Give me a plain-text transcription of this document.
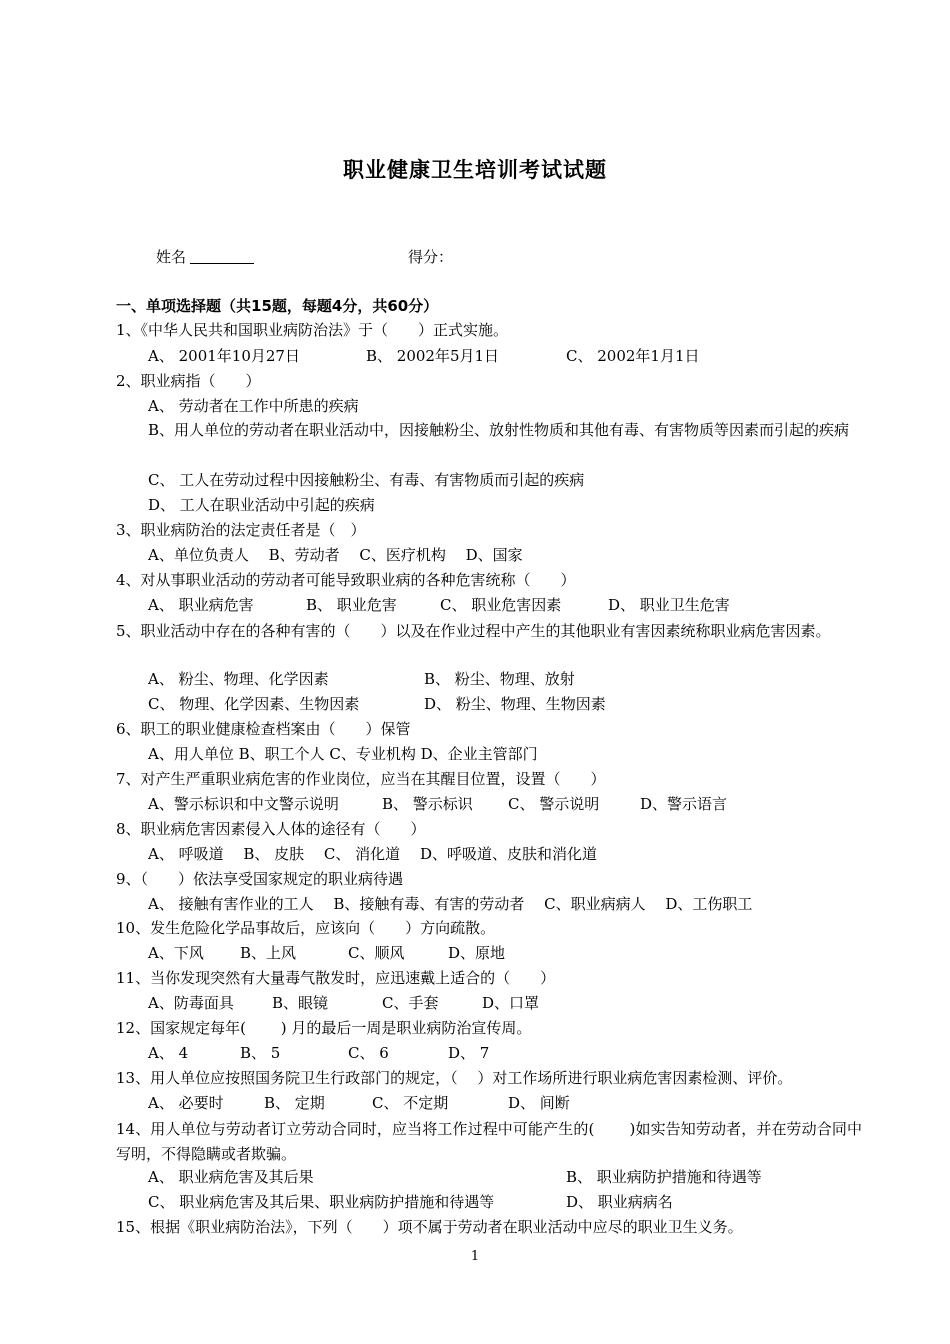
职业健康卫生培训考试试题
姓名	得分：
一、单项选择题（共15题，每题4分，共60分）
1、《中华人民共和国职业病防治法》于（　　）正式实施。
A、 2001年10月27日	B、 2002年5月1日	C、 2002年1月1日
2、职业病指（　　）
A、 劳动者在工作中所患的疾病
B、用人单位的劳动者在职业活动中，因接触粉尘、放射性物质和其他有毒、有害物质等因素而引起的疾病
C、 工人在劳动过程中因接触粉尘、有毒、有害物质而引起的疾病
D、 工人在职业活动中引起的疾病
3、职业病防治的法定责任者是（　）
A、单位负责人　 B、劳动者　 C、医疗机构　 D、国家
4、对从事职业活动的劳动者可能导致职业病的各种危害统称（　　）
A、 职业病危害	B、 职业危害	C、 职业危害因素	D、 职业卫生危害
5、职业活动中存在的各种有害的（　　）以及在作业过程中产生的其他职业有害因素统称职业病危害因素。
A、 粉尘、物理、化学因素	B、 粉尘、物理、放射
C、 物理、化学因素、生物因素	D、 粉尘、物理、生物因素
6、职工的职业健康检查档案由（　　）保管
A、用人单位 B、职工个人 C、专业机构 D、企业主管部门
7、对产生严重职业病危害的作业岗位，应当在其醒目位置，设置（　　）
A、警示标识和中文警示说明	B、 警示标识 C、 警示说明	D、警示语言
8、职业病危害因素侵入人体的途径有（　　）
A、 呼吸道　 B、 皮肤　 C、 消化道　 D、呼吸道、皮肤和消化道
9、（　　）依法享受国家规定的职业病待遇
A、 接触有害作业的工人　 B、接触有毒、有害的劳动者　 C、职业病病人　 D、工伤职工
10、发生危险化学品事故后，应该向（　　）方向疏散。
A、下风 B、上风	C、顺风	D、原地
11、当你发现突然有大量毒气散发时，应迅速戴上适合的（　　）
A、防毒面具	B、眼镜	C、手套	D、口罩
12、国家规定每年(　　 ) 月的最后一周是职业病防治宣传周。
A、 4	B、 5	C、 6	D、 7
13、用人单位应按照国务院卫生行政部门的规定，（　 ）对工作场所进行职业病危害因素检测、评价。
A、 必要时	B、 定期	C、 不定期	D、 间断
14、用人单位与劳动者订立劳动合同时，应当将工作过程中可能产生的(　　 )如实告知劳动者，并在劳动合同中写明，不得隐瞒或者欺骗。
A、 职业病危害及其后果	B、 职业病防护措施和待遇等
C、 职业病危害及其后果、职业病防护措施和待遇等	D、 职业病病名
15、根据《职业病防治法》，下列（　　）项不属于劳动者在职业活动中应尽的职业卫生义务。
1
